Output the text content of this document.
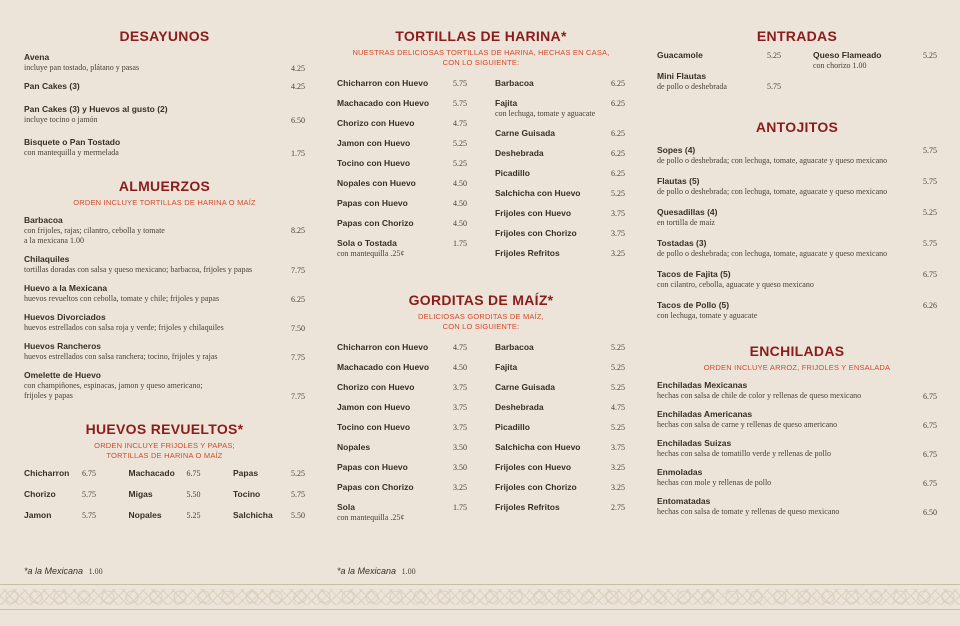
DESAYUNOS
Avena
incluye pan tostado, plátano y pasas	4.25
Pan Cakes (3)	4.25
Pan Cakes (3) y Huevos al gusto (2)
incluye tocino o jamón	6.50
Bisquete o Pan Tostado
con mantequilla y mermelada	1.75
ALMUERZOS
ORDEN INCLUYE TORTILLAS DE HARINA O MAÍZ
Barbacoa
con frijoles, rajas; cilantro, cebolla y tomate
a la mexicana 1.00
8.25
Chilaquiles
tortillas doradas con salsa y queso mexicano; barbacoa, frijoles y papas	7.75
Huevo a la Mexicana
huevos revueltos con cebolla, tomate y chile; frijoles y papas	6.25
Huevos Divorciados
huevos estrellados con salsa roja y verde; frijoles y chilaquiles	7.50
Huevos Rancheros
huevos estrellados con salsa ranchera; tocino, frijoles y rajas	7.75
Omelette de Huevo
con champiñones, espinacas, jamon y queso americano;
frijoles y papas	7.75
HUEVOS REVUELTOS*
ORDEN INCLUYE FRIJOLES Y PAPAS;
TORTILLAS DE HARINA O MAÍZ
Chicharron	6.75
Chorizo	5.75
Jamon	5.75
Machacado	6.75
Migas	5.50
Nopales	5.25
Papas	5.25
Tocino	5.75
Salchicha	5.50
*a la Mexicana 1.00
TORTILLAS DE HARINA*
NUESTRAS DELICIOSAS TORTILLAS DE HARINA, HECHAS EN CASA,
CON LO SIGUIENTE:
Chicharron con Huevo	5.75
Machacado con Huevo	5.75
Chorizo con Huevo	4.75
Jamon con Huevo	5.25
Tocino con Huevo	5.25
Nopales con Huevo	4.50
Papas con Huevo	4.50
Papas con Chorizo	4.50
Sola o Tostada
con mantequilla .25¢
1.75
Barbacoa	6.25
Fajita
con lechuga, tomate y aguacate
6.25
Carne Guisada	6.25
Deshebrada	6.25
Picadillo	6.25
Salchicha con Huevo	5.25
Frijoles con Huevo	3.75
Frijoles con Chorizo	3.75
Frijoles Refritos	3.25
GORDITAS DE MAÍZ*
DELICIOSAS GORDITAS DE MAÍZ,
CON LO SIGUIENTE:
Chicharron con Huevo	4.75
Machacado con Huevo	4.50
Chorizo con Huevo	3.75
Jamon con Huevo	3.75
Tocino con Huevo	3.75
Nopales	3.50
Papas con Huevo	3.50
Papas con Chorizo	3.25
Sola
con mantequilla .25¢
1.75
Barbacoa	5.25
Fajita	5.25
Carne Guisada	5.25
Deshebrada	4.75
Picadillo	5.25
Salchicha con Huevo	3.75
Frijoles con Huevo	3.25
Frijoles con Chorizo	3.25
Frijoles Refritos	2.75
*a la Mexicana 1.00
ENTRADAS
Guacamole	5.25
Mini Flautas
de pollo o deshebrada	5.75
Queso Flameado
con chorizo 1.00
5.25
ANTOJITOS
Sopes (4)
de pollo o deshebrada; con lechuga, tomate, aguacate y queso mexicano
5.75
Flautas (5)
de pollo o deshebrada; con lechuga, tomate, aguacate y queso mexicano
5.75
Quesadillas (4)
en tortilla de maíz
5.25
Tostadas (3)
de pollo o deshebrada; con lechuga, tomate, aguacate y queso mexicano
5.75
Tacos de Fajita (5)
con cilantro, cebolla, aguacate y queso mexicano
6.75
Tacos de Pollo (5)
con lechuga, tomate y aguacate
6.26
ENCHILADAS
ORDEN INCLUYE ARROZ, FRIJOLES Y ENSALADA
Enchiladas Mexicanas
hechas con salsa de chile de color y rellenas de queso mexicano	6.75
Enchiladas Americanas
hechas con salsa de carne y rellenas de queso americano	6.75
Enchiladas Suizas
hechas con salsa de tomatillo verde y rellenas de pollo	6.75
Enmoladas
hechas con mole y rellenas de pollo	6.75
Entomatadas
hechas con salsa de tomate y rellenas de queso mexicano	6.50
